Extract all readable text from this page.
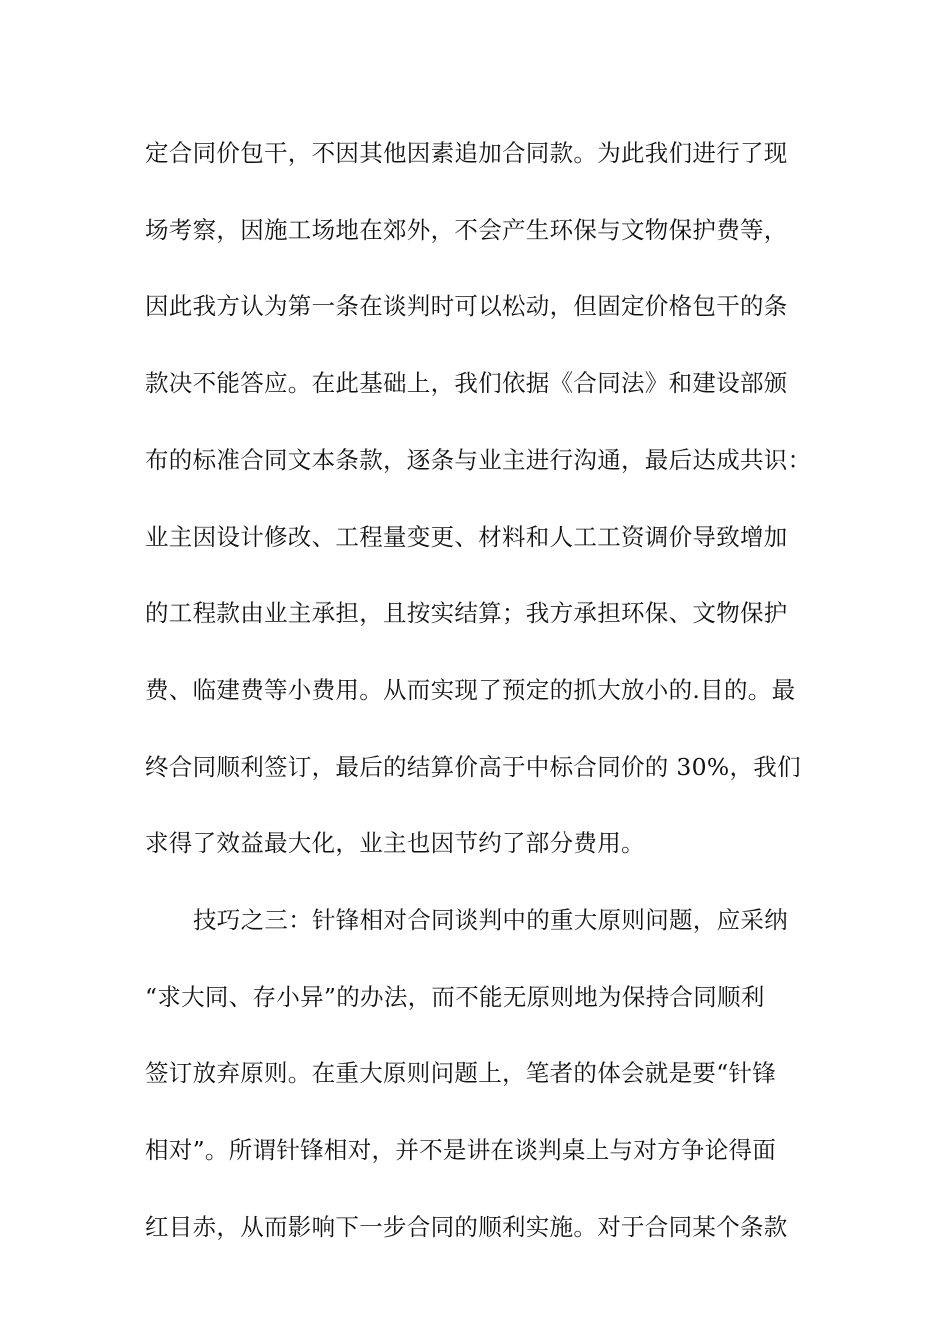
定合同价包干，不因其他因素追加合同款。为此我们进行了现
场考察，因施工场地在郊外，不会产生环保与文物保护费等，
因此我方认为第一条在谈判时可以松动，但固定价格包干的条
款决不能答应。在此基础上，我们依据《合同法》和建设部颁
布的标准合同文本条款，逐条与业主进行沟通，最后达成共识：
业主因设计修改、工程量变更、材料和人工工资调价导致增加
的工程款由业主承担，且按实结算；我方承担环保、文物保护
费、临建费等小费用。从而实现了预定的抓大放小的.目的。最
终合同顺利签订，最后的结算价高于中标合同价的 30%，我们
求得了效益最大化，业主也因节约了部分费用。
技巧之三：针锋相对合同谈判中的重大原则问题，应采纳
“求大同、存小异”的办法，而不能无原则地为保持合同顺利
签订放弃原则。在重大原则问题上，笔者的体会就是要“针锋
相对”。所谓针锋相对，并不是讲在谈判桌上与对方争论得面
红目赤，从而影响下一步合同的顺利实施。对于合同某个条款
